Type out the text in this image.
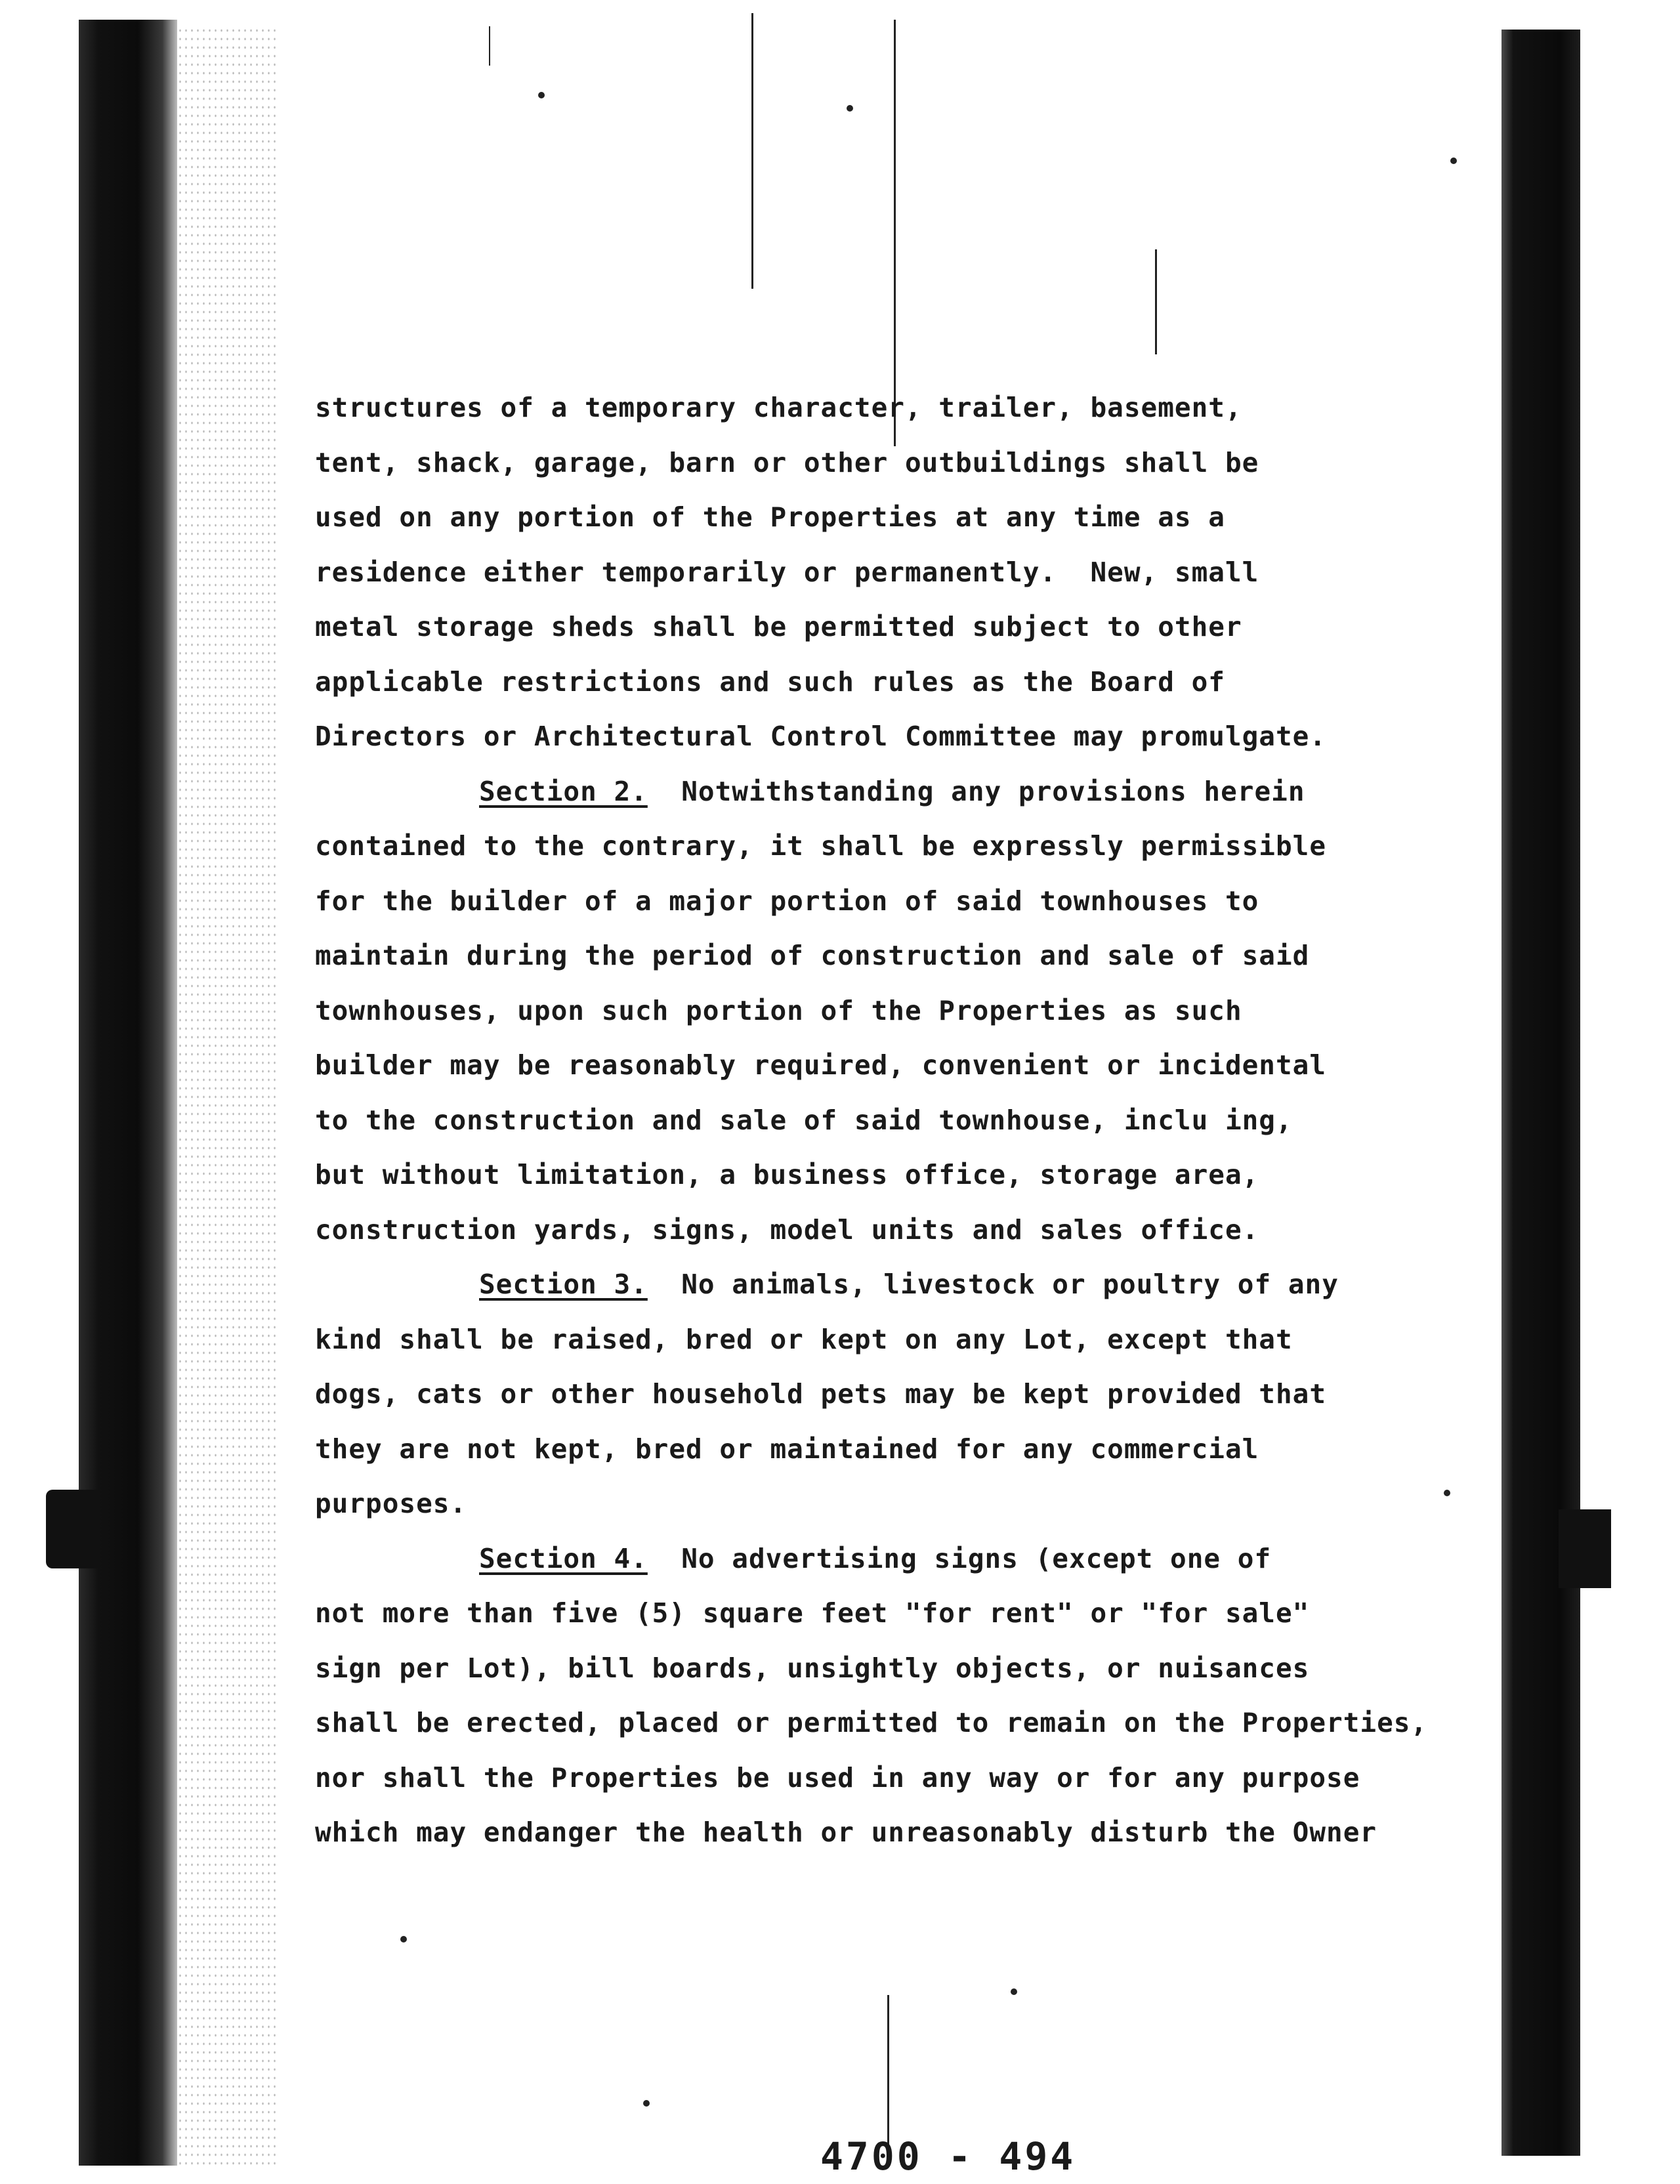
structures of a temporary character, trailer, basement,
tent, shack, garage, barn or other outbuildings shall be
used on any portion of the Properties at any time as a
residence either temporarily or permanently.  New, small
metal storage sheds shall be permitted subject to other
applicable restrictions and such rules as the Board of
Directors or Architectural Control Committee may promulgate.
Section 2.  Notwithstanding any provisions herein
contained to the contrary, it shall be expressly permissible
for the builder of a major portion of said townhouses to
maintain during the period of construction and sale of said
townhouses, upon such portion of the Properties as such
builder may be reasonably required, convenient or incidental
to the construction and sale of said townhouse, inclu ing,
but without limitation, a business office, storage area,
construction yards, signs, model units and sales office.
Section 3.  No animals, livestock or poultry of any
kind shall be raised, bred or kept on any Lot, except that
dogs, cats or other household pets may be kept provided that
they are not kept, bred or maintained for any commercial
purposes.
Section 4.  No advertising signs (except one of
not more than five (5) square feet "for rent" or "for sale"
sign per Lot), bill boards, unsightly objects, or nuisances
shall be erected, placed or permitted to remain on the Properties,
nor shall the Properties be used in any way or for any purpose
which may endanger the health or unreasonably disturb the Owner
4700 - 494
